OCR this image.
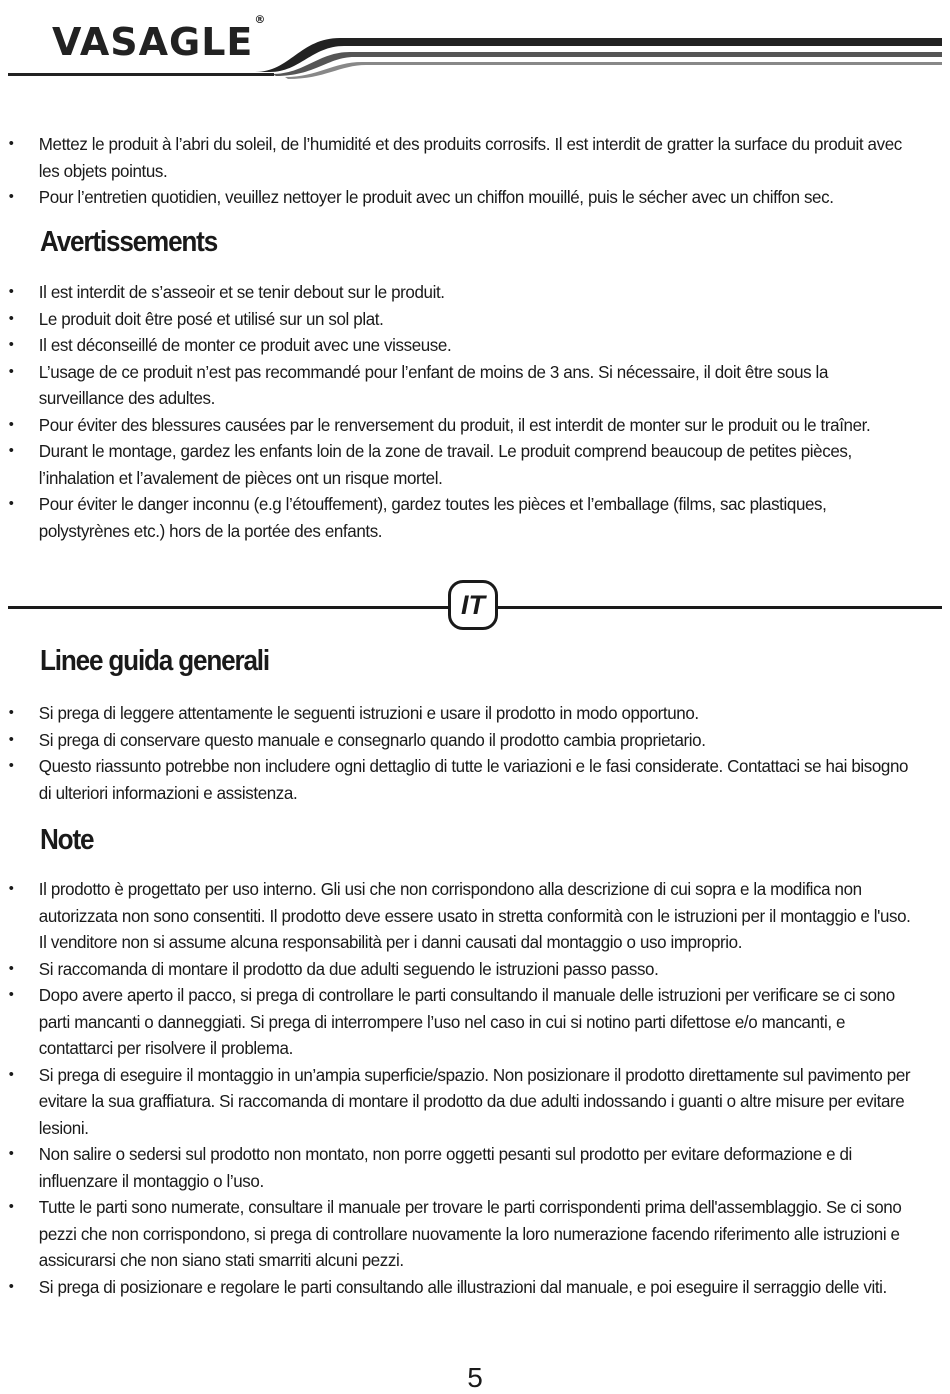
VASAGLE®
• Mettez le produit à l’abri du soleil, de l’humidité et des produits corrosifs. Il est interdit de gratter la surface du produit avec les objets pointus.
• Pour l’entretien quotidien, veuillez nettoyer le produit avec un chiffon mouillé, puis le sécher avec un chiffon sec.
Avertissements
• Il est interdit de s’asseoir et se tenir debout sur le produit.
• Le produit doit être posé et utilisé sur un sol plat.
• Il est déconseillé de monter ce produit avec une visseuse.
• L’usage de ce produit n’est pas recommandé pour l’enfant de moins de 3 ans. Si nécessaire, il doit être sous la surveillance des adultes.
• Pour éviter des blessures causées par le renversement du produit, il est interdit de monter sur le produit ou le traîner.
• Durant le montage, gardez les enfants loin de la zone de travail. Le produit comprend beaucoup de petites pièces, l’inhalation et l’avalement de pièces ont un risque mortel.
• Pour éviter le danger inconnu (e.g l’étouffement), gardez toutes les pièces et l’emballage (films, sac plastiques, polystyrènes etc.) hors de la portée des enfants.
IT
Linee guida generali
• Si prega di leggere attentamente le seguenti istruzioni e usare il prodotto in modo opportuno.
• Si prega di conservare questo manuale e consegnarlo quando il prodotto cambia proprietario.
• Questo riassunto potrebbe non includere ogni dettaglio di tutte le variazioni e le fasi considerate. Contattaci se hai bisogno di ulteriori informazioni e assistenza.
Note
• Il prodotto è progettato per uso interno. Gli usi che non corrispondono alla descrizione di cui sopra e la modifica non autorizzata non sono consentiti. Il prodotto deve essere usato in stretta conformità con le istruzioni per il montaggio e l'uso. Il venditore non si assume alcuna responsabilità per i danni causati dal montaggio o uso improprio.
• Si raccomanda di montare il prodotto da due adulti seguendo le istruzioni passo passo.
• Dopo avere aperto il pacco, si prega di controllare le parti consultando il manuale delle istruzioni per verificare se ci sono parti mancanti o danneggiati. Si prega di interrompere l’uso nel caso in cui si notino parti difettose e/o mancanti, e contattarci per risolvere il problema.
• Si prega di eseguire il montaggio in un’ampia superficie/spazio. Non posizionare il prodotto direttamente sul pavimento per evitare la sua graffiatura. Si raccomanda di montare il prodotto da due adulti indossando i guanti o altre misure per evitare lesioni.
• Non salire o sedersi sul prodotto non montato, non porre oggetti pesanti sul prodotto per evitare deformazione e di influenzare il montaggio o l’uso.
• Tutte le parti sono numerate, consultare il manuale per trovare le parti corrispondenti prima dell'assemblaggio. Se ci sono pezzi che non corrispondono, si prega di controllare nuovamente la loro numerazione facendo riferimento alle istruzioni e assicurarsi che non siano stati smarriti alcuni pezzi.
• Si prega di posizionare e regolare le parti consultando alle illustrazioni dal manuale, e poi eseguire il serraggio delle viti.
5
